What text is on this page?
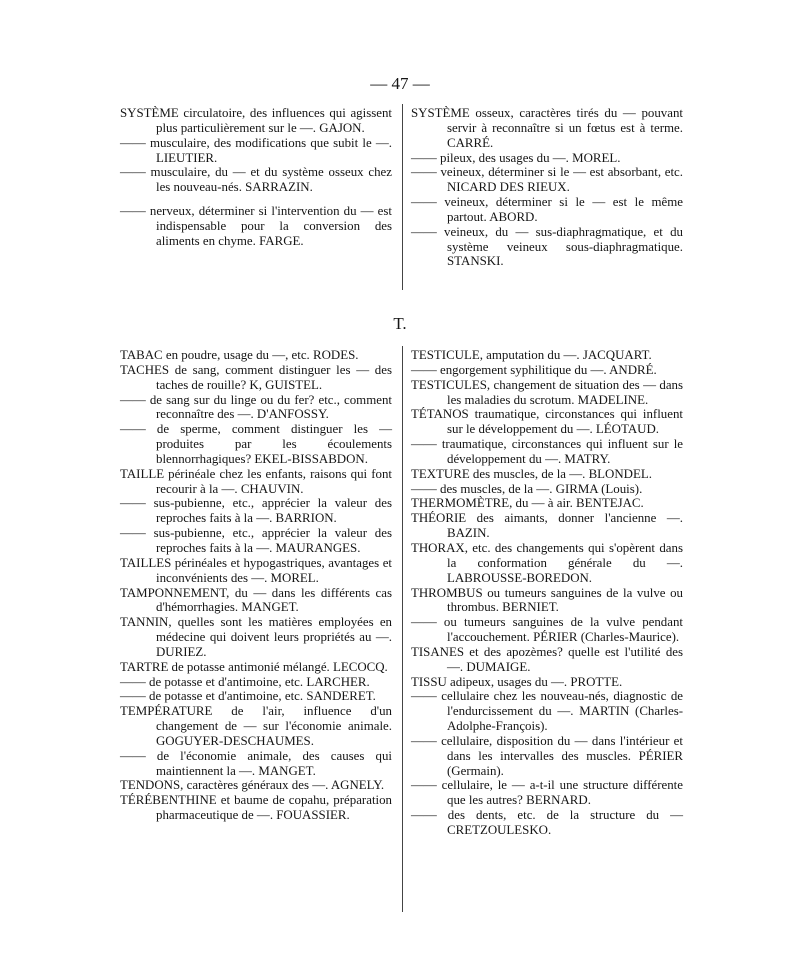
— 47 —

SYSTÈME circulatoire, des influences qui agissent plus particulièrement sur le —. GAJON.

—— musculaire, des modifications que subit le —. LIEUTIER.

—— musculaire, du — et du système osseux chez les nouveau-nés. SARRAZIN.

—— nerveux, déterminer si l'intervention du — est indispensable pour la conversion des aliments en chyme. FARGE.

SYSTÈME osseux, caractères tirés du — pouvant servir à reconnaître si un fœtus est à terme. CARRÉ.

—— pileux, des usages du —. MOREL.

—— veineux, déterminer si le — est absorbant, etc. NICARD DES RIEUX.

—— veineux, déterminer si le — est le même partout. ABORD.

—— veineux, du — sus-diaphragmatique, et du système veineux sous-diaphragmatique. STANSKI.

T.

TABAC en poudre, usage du —, etc. RODES.

TACHES de sang, comment distinguer les — des taches de rouille? K, GUISTEL.

—— de sang sur du linge ou du fer? etc., comment reconnaître des —. D'ANFOSSY.

—— de sperme, comment distinguer les — produites par les écoulements blennorrhagiques? EKEL-BISSABDON.

TAILLE périnéale chez les enfants, raisons qui font recourir à la —. CHAUVIN.

—— sus-pubienne, etc., apprécier la valeur des reproches faits à la —. BARRION.

—— sus-pubienne, etc., apprécier la valeur des reproches faits à la —. MAURANGES.

TAILLES périnéales et hypogastriques, avantages et inconvénients des —. MOREL.

TAMPONNEMENT, du — dans les différents cas d'hémorrhagies. MANGET.

TANNIN, quelles sont les matières employées en médecine qui doivent leurs propriétés au —. DURIEZ.

TARTRE de potasse antimonié mélangé. LECOCQ.

—— de potasse et d'antimoine, etc. LARCHER.

—— de potasse et d'antimoine, etc. SANDERET.

TEMPÉRATURE de l'air, influence d'un changement de — sur l'économie animale. GOGUYER-DESCHAUMES.

—— de l'économie animale, des causes qui maintiennent la —. MANGET.

TENDONS, caractères généraux des —. AGNELY.

TÉRÉBENTHINE et baume de copahu, préparation pharmaceutique de —. FOUASSIER.

TESTICULE, amputation du —. JACQUART.

—— engorgement syphilitique du —. ANDRÉ.

TESTICULES, changement de situation des — dans les maladies du scrotum. MADELINE.

TÉTANOS traumatique, circonstances qui influent sur le développement du —. LÉOTAUD.

—— traumatique, circonstances qui influent sur le développement du —. MATRY.

TEXTURE des muscles, de la —. BLONDEL.

—— des muscles, de la —. GIRMA (Louis).

THERMOMÈTRE, du — à air. BENTEJAC.

THÉORIE des aimants, donner l'ancienne —. BAZIN.

THORAX, etc. des changements qui s'opèrent dans la conformation générale du —. LABROUSSE-BOREDON.

THROMBUS ou tumeurs sanguines de la vulve ou thrombus. BERNIET.

—— ou tumeurs sanguines de la vulve pendant l'accouchement. PÉRIER (Charles-Maurice).

TISANES et des apozèmes? quelle est l'utilité des —. DUMAIGE.

TISSU adipeux, usages du —. PROTTE.

—— cellulaire chez les nouveau-nés, diagnostic de l'endurcissement du —. MARTIN (Charles-Adolphe-François).

—— cellulaire, disposition du — dans l'intérieur et dans les intervalles des muscles. PÉRIER (Germain).

—— cellulaire, le — a-t-il une structure différente que les autres? BERNARD.

—— des dents, etc. de la structure du — CRETZOULESKO.
